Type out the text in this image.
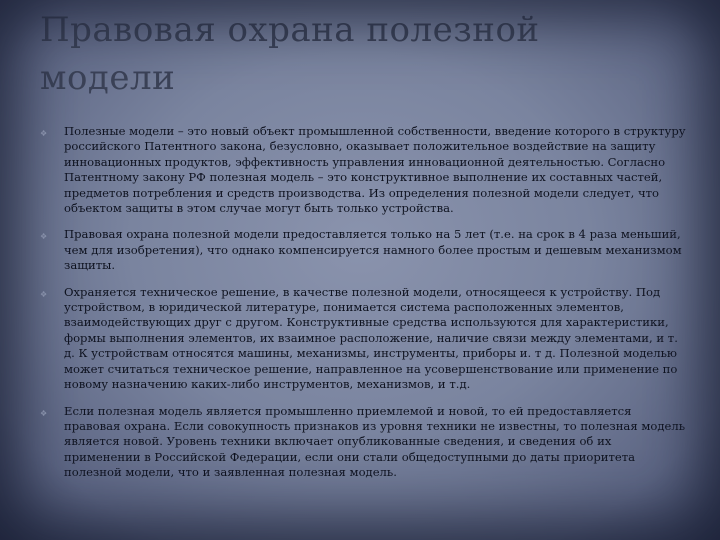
Правовая охрана полезной модели
❖ Полезные модели – это новый объект промышленной собственности, введение которого в структуру российского Патентного закона, безусловно, оказывает положительное воздействие на защиту инновационных продуктов, эффективность управления инновационной деятельностью. Согласно Патентному закону РФ полезная модель – это конструктивное выполнение их составных частей, предметов потребления и средств производства. Из определения полезной модели следует, что объектом защиты в этом случае могут быть только устройства.
❖ Правовая охрана полезной модели предоставляется только на 5 лет (т.е. на срок в 4 раза меньший, чем для изобретения), что однако компенсируется намного более простым и дешевым механизмом защиты.
❖ Охраняется техническое решение, в качестве полезной модели, относящееся к устройству. Под устройством, в юридической литературе, понимается система расположенных элементов, взаимодействующих друг с другом. Конструктивные средства используются для характеристики, формы выполнения элементов, их взаимное расположение, наличие связи между элементами, и т. д. К устройствам относятся машины, механизмы, инструменты, приборы и. т д. Полезной моделью может считаться техническое решение, направленное на усовершенствование или применение по новому назначению каких-либо инструментов, механизмов, и т.д.
❖ Если полезная модель является промышленно приемлемой и новой, то ей предоставляется правовая охрана. Если совокупность признаков из уровня техники не известны, то полезная модель является новой. Уровень техники включает опубликованные сведения, и сведения об их применении в Российской Федерации, если они стали общедоступными до даты приоритета полезной модели, что и заявленная полезная модель.
